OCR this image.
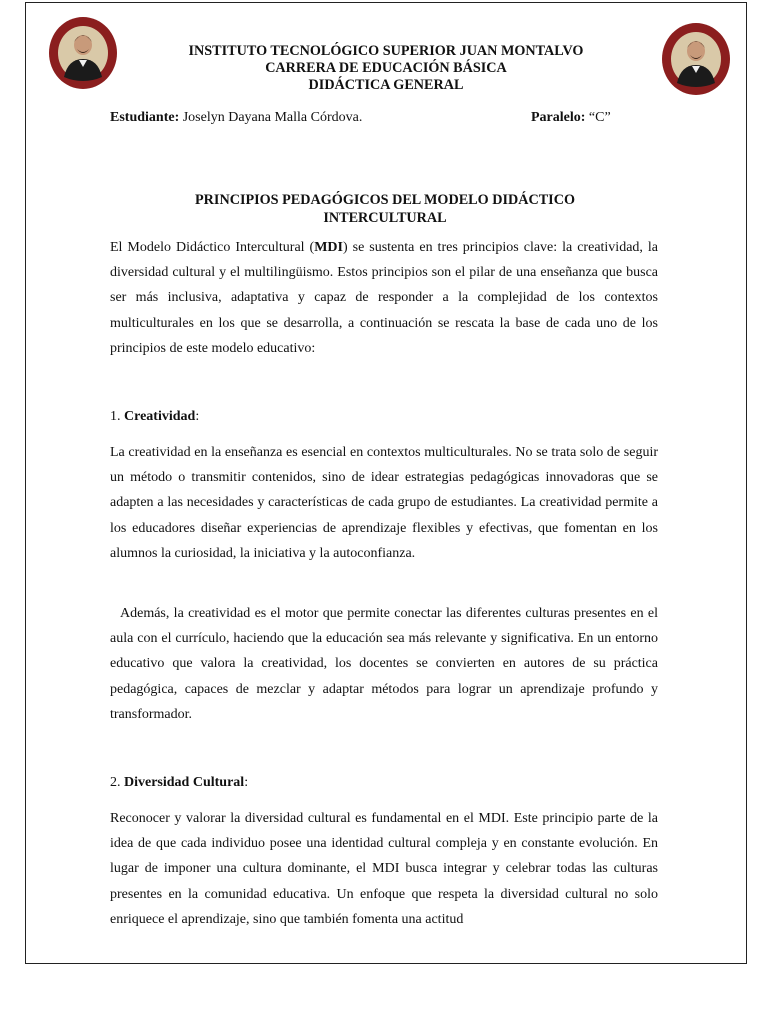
INSTITUTO TECNOLÓGICO SUPERIOR JUAN MONTALVO
CARRERA DE EDUCACIÓN BÁSICA
DIDÁCTICA GENERAL
Estudiante: Joselyn Dayana Malla Córdova.	Paralelo: “C”
PRINCIPIOS PEDAGÓGICOS DEL MODELO DIDÁCTICO
INTERCULTURAL

El Modelo Didáctico Intercultural (MDI) se sustenta en tres principios clave: la creatividad, la diversidad cultural y el multilingüismo. Estos principios son el pilar de una enseñanza que busca ser más inclusiva, adaptativa y capaz de responder a la complejidad de los contextos multiculturales en los que se desarrolla, a continuación se rescata la base de cada uno de los principios de este modelo educativo:

1. Creatividad:

La creatividad en la enseñanza es esencial en contextos multiculturales. No se trata solo de seguir un método o transmitir contenidos, sino de idear estrategias pedagógicas innovadoras que se adapten a las necesidades y características de cada grupo de estudiantes. La creatividad permite a los educadores diseñar experiencias de aprendizaje flexibles y efectivas, que fomentan en los alumnos la curiosidad, la iniciativa y la autoconfianza.

Además, la creatividad es el motor que permite conectar las diferentes culturas presentes en el aula con el currículo, haciendo que la educación sea más relevante y significativa. En un entorno educativo que valora la creatividad, los docentes se convierten en autores de su práctica pedagógica, capaces de mezclar y adaptar métodos para lograr un aprendizaje profundo y transformador.

2. Diversidad Cultural:

Reconocer y valorar la diversidad cultural es fundamental en el MDI. Este principio parte de la idea de que cada individuo posee una identidad cultural compleja y en constante evolución. En lugar de imponer una cultura dominante, el MDI busca integrar y celebrar todas las culturas presentes en la comunidad educativa. Un enfoque que respeta la diversidad cultural no solo enriquece el aprendizaje, sino que también fomenta una actitud
